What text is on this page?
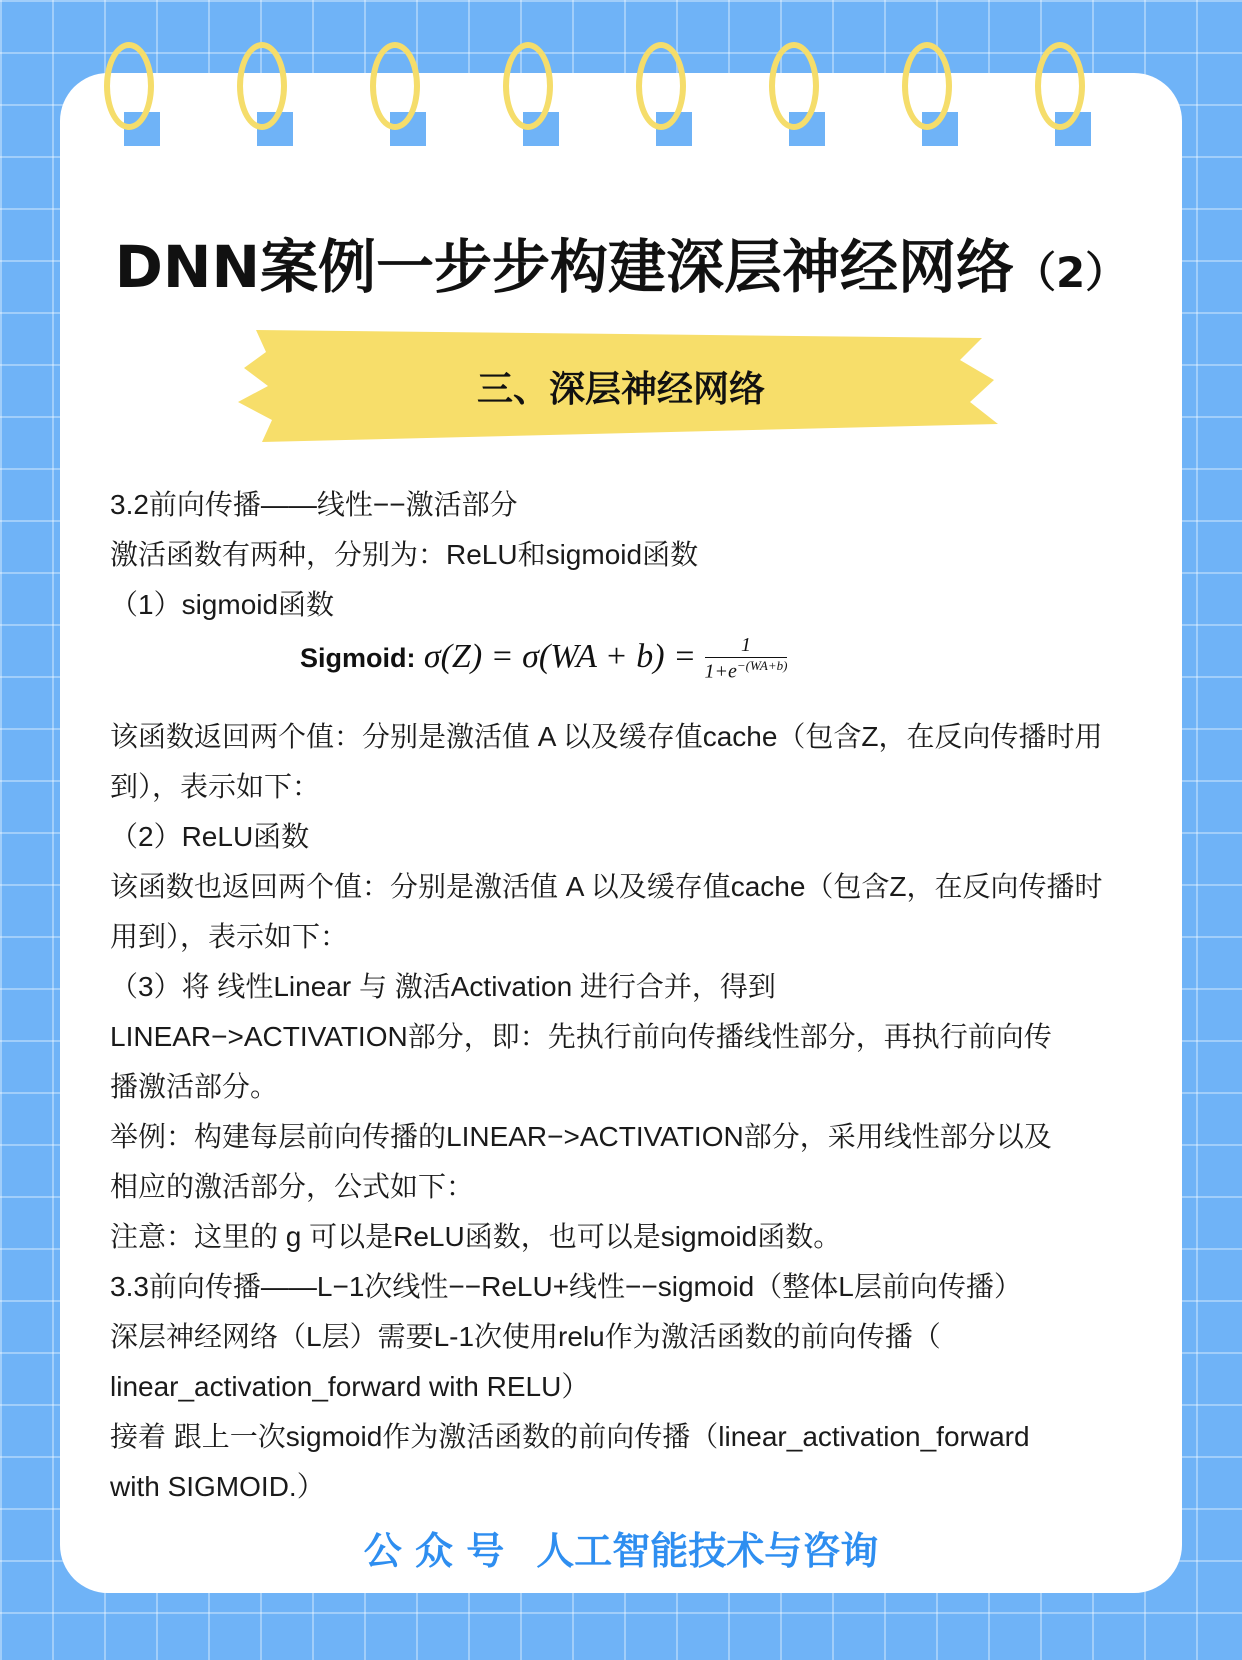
DNN案例一步步构建深层神经网络（2）
三、深层神经网络
3.2前向传播——线性−−激活部分
激活函数有两种，分别为：ReLU和sigmoid函数
（1）sigmoid函数
Sigmoid: $\sigma(Z) = \sigma(WA + b) = \frac{1}{1+e^{-(WA+b)}}$
该函数返回两个值：分别是激活值 A 以及缓存值cache（包含Z，在反向传播时用
到），表示如下：
（2）ReLU函数
该函数也返回两个值：分别是激活值 A 以及缓存值cache（包含Z，在反向传播时
用到），表示如下：
（3）将 线性Linear 与 激活Activation 进行合并，得到
LINEAR−>ACTIVATION部分，即：先执行前向传播线性部分，再执行前向传
播激活部分。
举例：构建每层前向传播的LINEAR−>ACTIVATION部分，采用线性部分以及
相应的激活部分，公式如下：
注意：这里的 g 可以是ReLU函数，也可以是sigmoid函数。
3.3前向传播——L−1次线性−−ReLU+线性−−sigmoid（整体L层前向传播）
深层神经网络（L层）需要L-1次使用relu作为激活函数的前向传播（
linear_activation_forward with RELU）
接着 跟上一次sigmoid作为激活函数的前向传播（linear_activation_forward
with SIGMOID.）
公 众 号 人工智能技术与咨询
